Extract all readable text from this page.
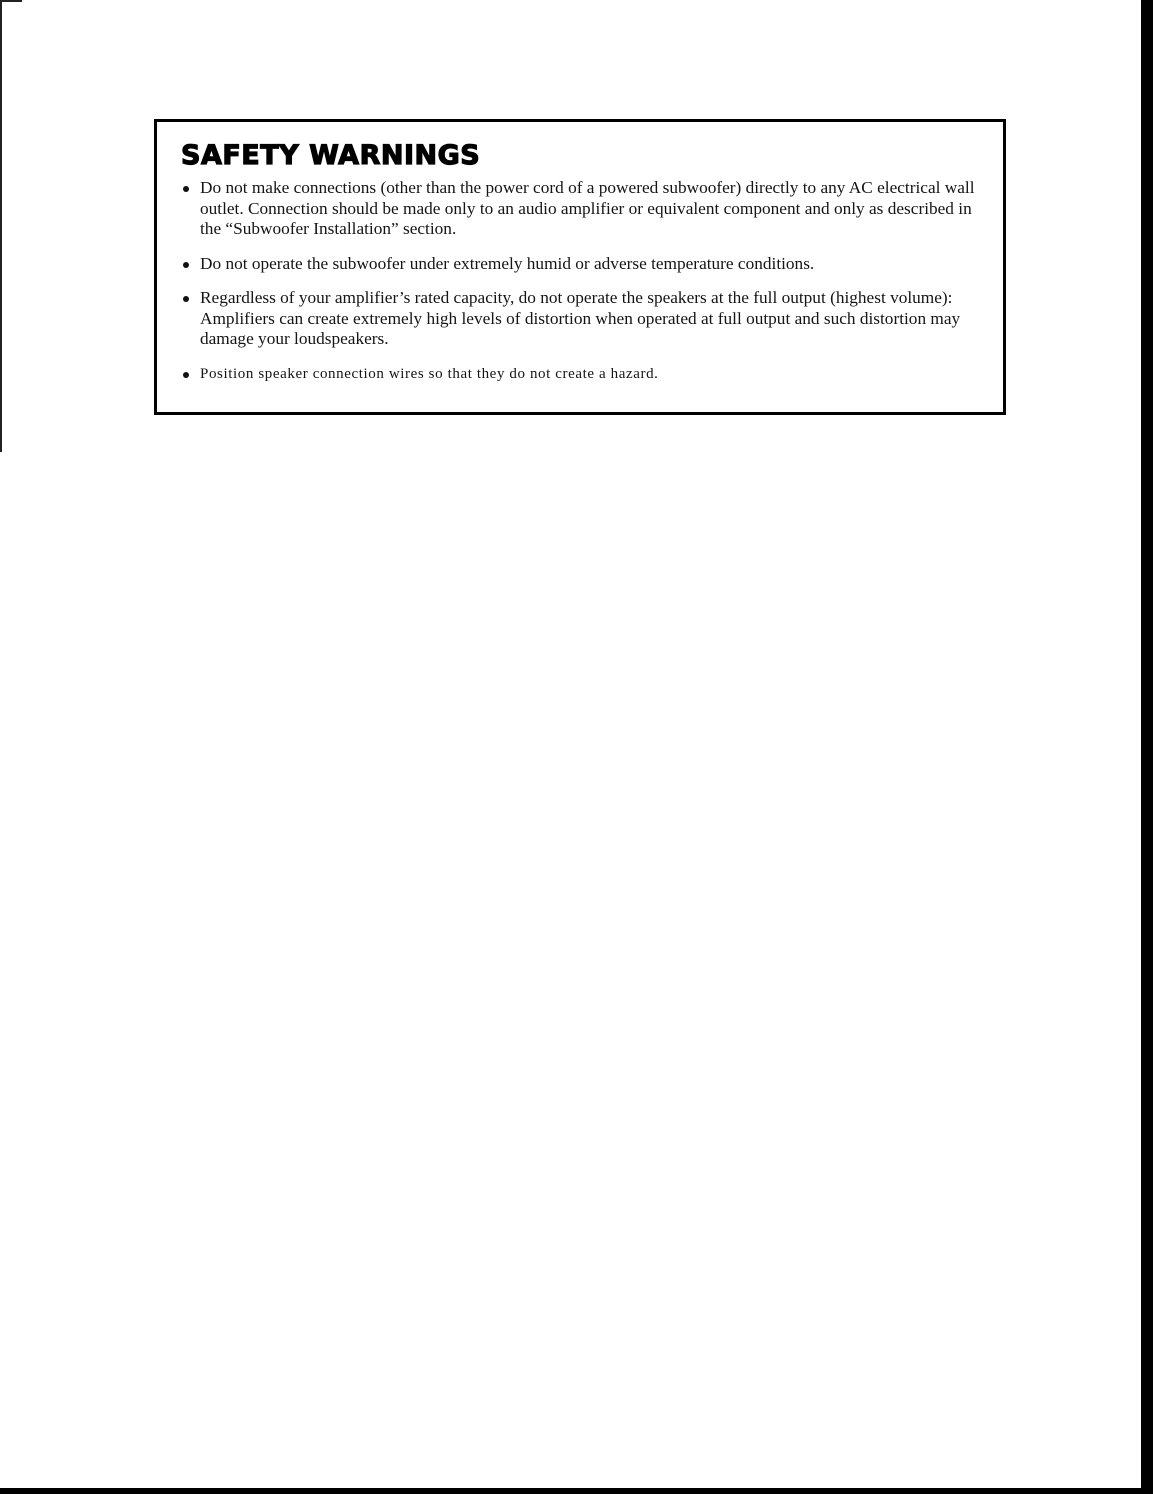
SAFETY WARNINGS
Do not make connections (other than the power cord of a powered subwoofer) directly to any AC electrical wall outlet. Connection should be made only to an audio amplifier or equivalent component and only as described in the “Subwoofer Installation” section.
Do not operate the subwoofer under extremely humid or adverse temperature conditions.
Regardless of your amplifier’s rated capacity, do not operate the speakers at the full output (highest volume): Amplifiers can create extremely high levels of distortion when operated at full output and such distortion may damage your loudspeakers.
Position speaker connection wires so that they do not create a hazard.
